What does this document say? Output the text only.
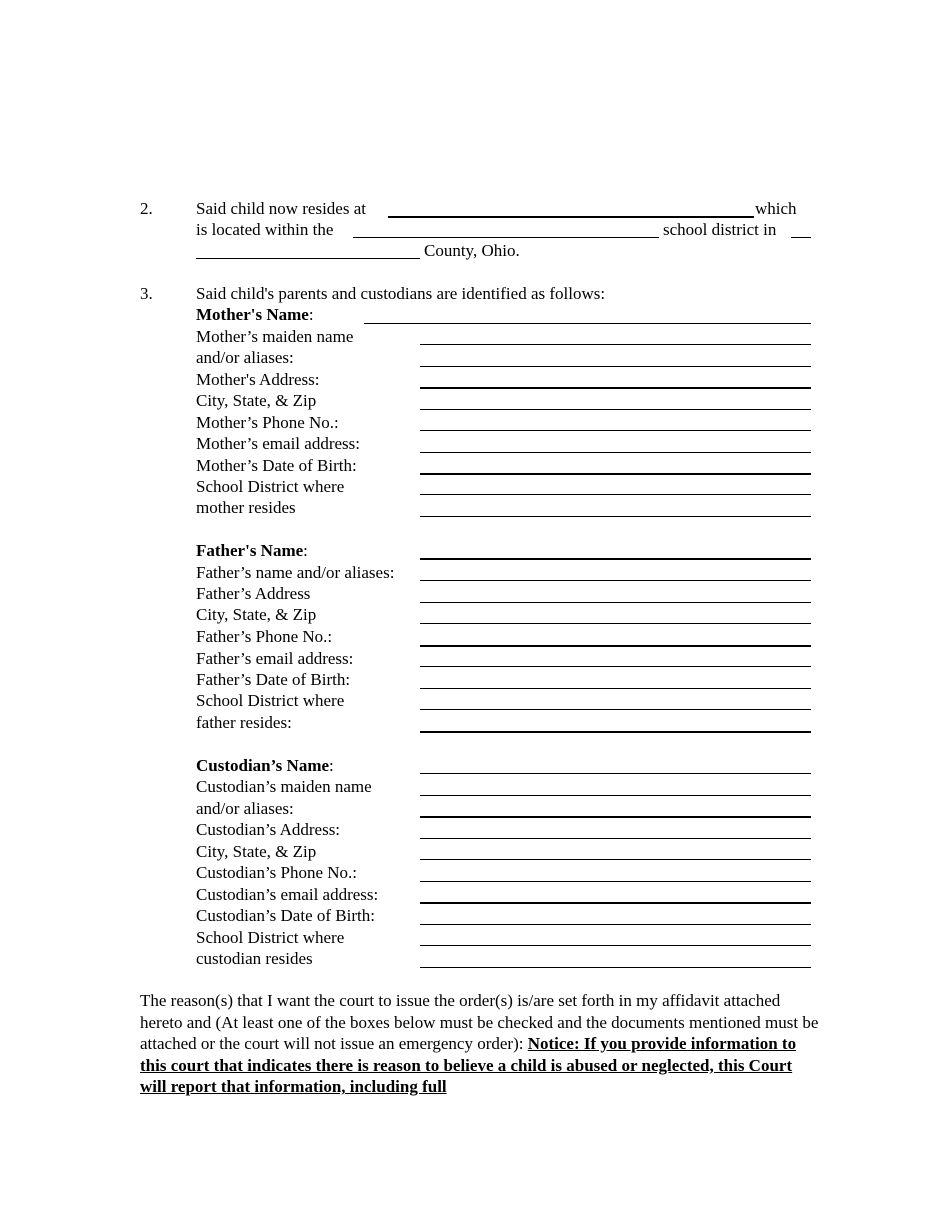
2.	Said child now resides at	which
is located within the	school district in
County, Ohio.
3.	Said child's parents and custodians are identified as follows:
Mother's Name:
Mother’s maiden name
and/or aliases:
Mother's Address:
City, State, & Zip
Mother’s Phone No.:
Mother’s email address:
Mother’s Date of Birth:
School District where
mother resides
Father's Name:
Father’s name and/or aliases:
Father’s Address
City, State, & Zip
Father’s Phone No.:
Father’s email address:
Father’s Date of Birth:
School District where
father resides:
Custodian’s Name:
Custodian’s maiden name
and/or aliases:
Custodian’s Address:
City, State, & Zip
Custodian’s Phone No.:
Custodian’s email address:
Custodian’s Date of Birth:
School District where
custodian resides
The reason(s) that I want the court to issue the order(s) is/are set forth in my affidavit attached hereto and (At least one of the boxes below must be checked and the documents mentioned must be attached or the court will not issue an emergency order): Notice: If you provide information to this court that indicates there is reason to believe a child is abused or neglected, this Court will report that information, including full
